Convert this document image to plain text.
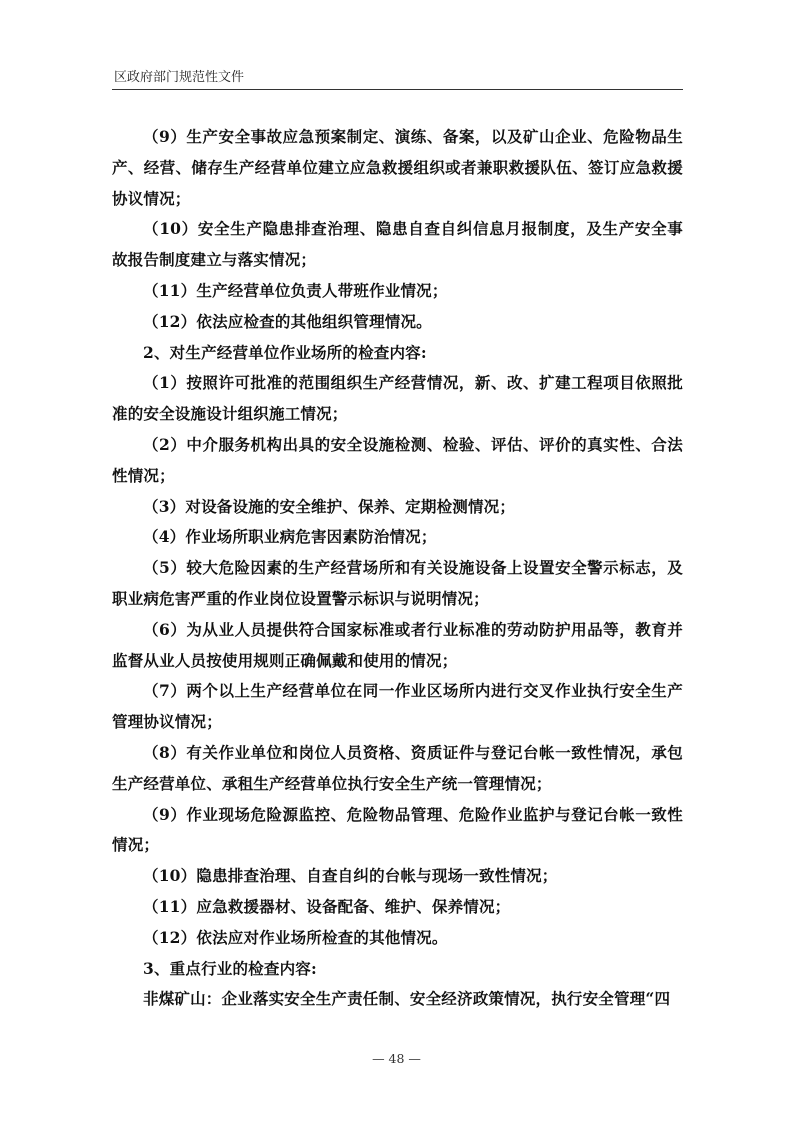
区政府部门规范性文件

（9）生产安全事故应急预案制定、演练、备案，以及矿山企业、危险物品生产、经营、储存生产经营单位建立应急救援组织或者兼职救援队伍、签订应急救援协议情况；

（10）安全生产隐患排查治理、隐患自查自纠信息月报制度，及生产安全事故报告制度建立与落实情况；

（11）生产经营单位负责人带班作业情况；

（12）依法应检查的其他组织管理情况。

2、对生产经营单位作业场所的检查内容:

（1）按照许可批准的范围组织生产经营情况，新、改、扩建工程项目依照批准的安全设施设计组织施工情况；

（2）中介服务机构出具的安全设施检测、检验、评估、评价的真实性、合法性情况；

（3）对设备设施的安全维护、保养、定期检测情况；

（4）作业场所职业病危害因素防治情况；

（5）较大危险因素的生产经营场所和有关设施设备上设置安全警示标志，及职业病危害严重的作业岗位设置警示标识与说明情况；

（6）为从业人员提供符合国家标准或者行业标准的劳动防护用品等，教育并监督从业人员按使用规则正确佩戴和使用的情况；

（7）两个以上生产经营单位在同一作业区场所内进行交叉作业执行安全生产管理协议情况；

（8）有关作业单位和岗位人员资格、资质证件与登记台帐一致性情况，承包生产经营单位、承租生产经营单位执行安全生产统一管理情况；

（9）作业现场危险源监控、危险物品管理、危险作业监护与登记台帐一致性情况；

（10）隐患排查治理、自查自纠的台帐与现场一致性情况；

（11）应急救援器材、设备配备、维护、保养情况；

（12）依法应对作业场所检查的其他情况。

3、重点行业的检查内容:

非煤矿山：企业落实安全生产责任制、安全经济政策情况，执行安全管理“四

— 48 —
